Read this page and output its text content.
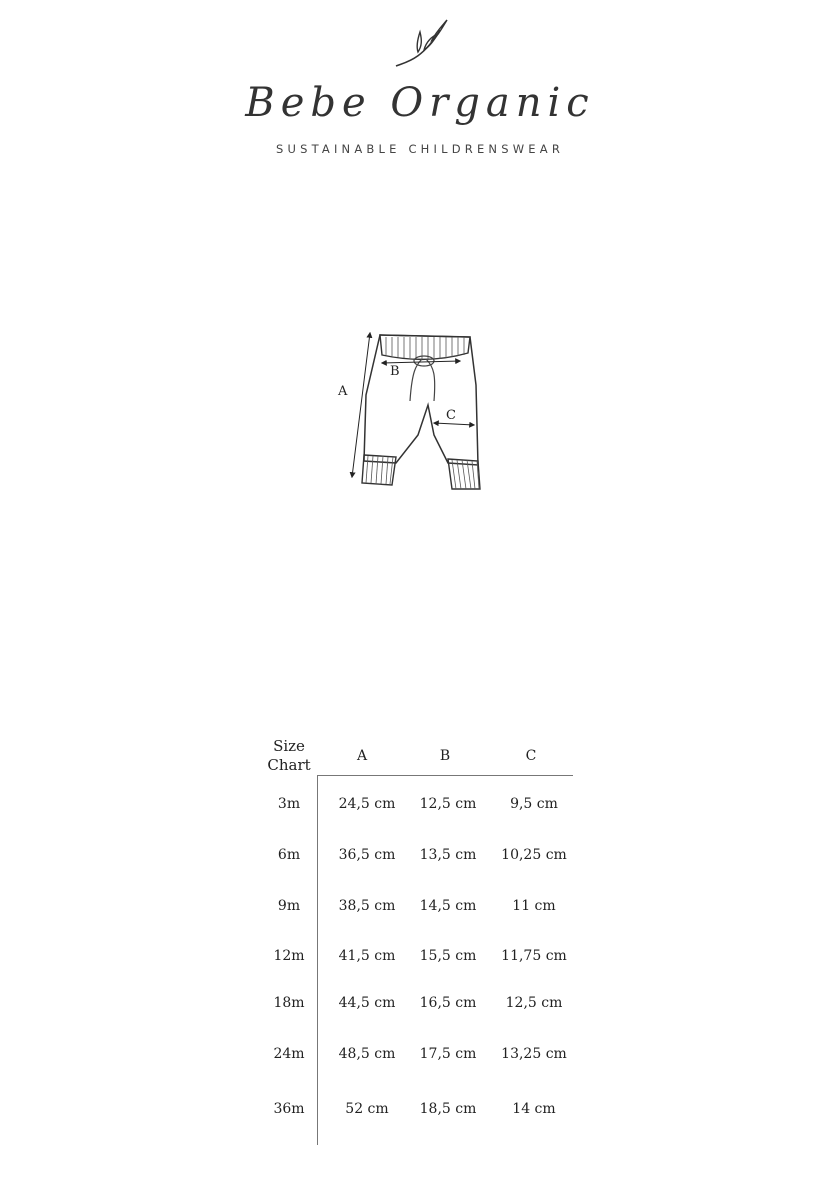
Bebe Organic
SUSTAINABLE CHILDRENSWEAR
A
B
C
Size
Chart	A	B	C
3m	24,5 cm	12,5 cm	9,5 cm
6m	36,5 cm	13,5 cm	10,25 cm
9m	38,5 cm	14,5 cm	11 cm
12m	41,5 cm	15,5 cm	11,75 cm
18m	44,5 cm	16,5 cm	12,5 cm
24m	48,5 cm	17,5 cm	13,25 cm
36m	52 cm	18,5 cm	14 cm
